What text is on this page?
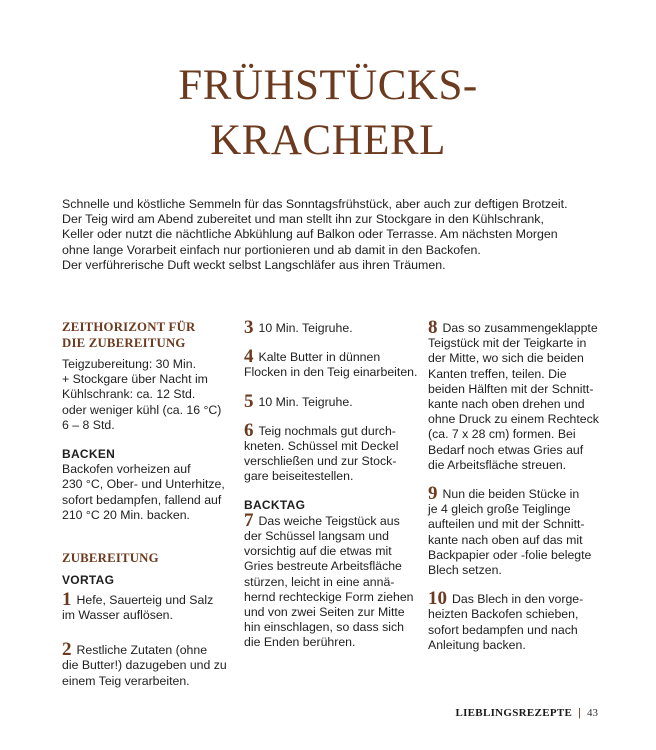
FRÜHSTÜCKS-
KRACHERL
Schnelle und köstliche Semmeln für das Sonntagsfrühstück, aber auch zur deftigen Brotzeit.
Der Teig wird am Abend zubereitet und man stellt ihn zur Stockgare in den Kühlschrank,
Keller oder nutzt die nächtliche Abkühlung auf Balkon oder Terrasse. Am nächsten Morgen
ohne lange Vorarbeit einfach nur portionieren und ab damit in den Backofen.
Der verführerische Duft weckt selbst Langschläfer aus ihren Träumen.
ZEITHORIZONT FÜR
DIE ZUBEREITUNG
Teigzubereitung: 30 Min.
+ Stockgare über Nacht im
Kühlschrank: ca. 12 Std.
oder weniger kühl (ca. 16 °C)
6 – 8 Std.
BACKEN
Backofen vorheizen auf
230 °C, Ober- und Unterhitze,
sofort bedampfen, fallend auf
210 °C 20 Min. backen.
ZUBEREITUNG
VORTAG
1 Hefe, Sauerteig und Salz
im Wasser auflösen.
2 Restliche Zutaten (ohne
die Butter!) dazugeben und zu
einem Teig verarbeiten.
3 10 Min. Teigruhe.
4 Kalte Butter in dünnen
Flocken in den Teig einarbeiten.
5 10 Min. Teigruhe.
6 Teig nochmals gut durch-
kneten. Schüssel mit Deckel
verschließen und zur Stock-
gare beiseitestellen.
BACKTAG
7 Das weiche Teigstück aus
der Schüssel langsam und
vorsichtig auf die etwas mit
Gries bestreute Arbeitsfläche
stürzen, leicht in eine annä-
hernd rechteckige Form ziehen
und von zwei Seiten zur Mitte
hin einschlagen, so dass sich
die Enden berühren.
8 Das so zusammengeklappte
Teigstück mit der Teigkarte in
der Mitte, wo sich die beiden
Kanten treffen, teilen. Die
beiden Hälften mit der Schnitt-
kante nach oben drehen und
ohne Druck zu einem Rechteck
(ca. 7 x 28 cm) formen. Bei
Bedarf noch etwas Gries auf
die Arbeitsfläche streuen.
9 Nun die beiden Stücke in
je 4 gleich große Teiglinge
aufteilen und mit der Schnitt-
kante nach oben auf das mit
Backpapier oder -folie belegte
Blech setzen.
10 Das Blech in den vorge-
heizten Backofen schieben,
sofort bedampfen und nach
Anleitung backen.
LIEBLINGSREZEPTE | 43
